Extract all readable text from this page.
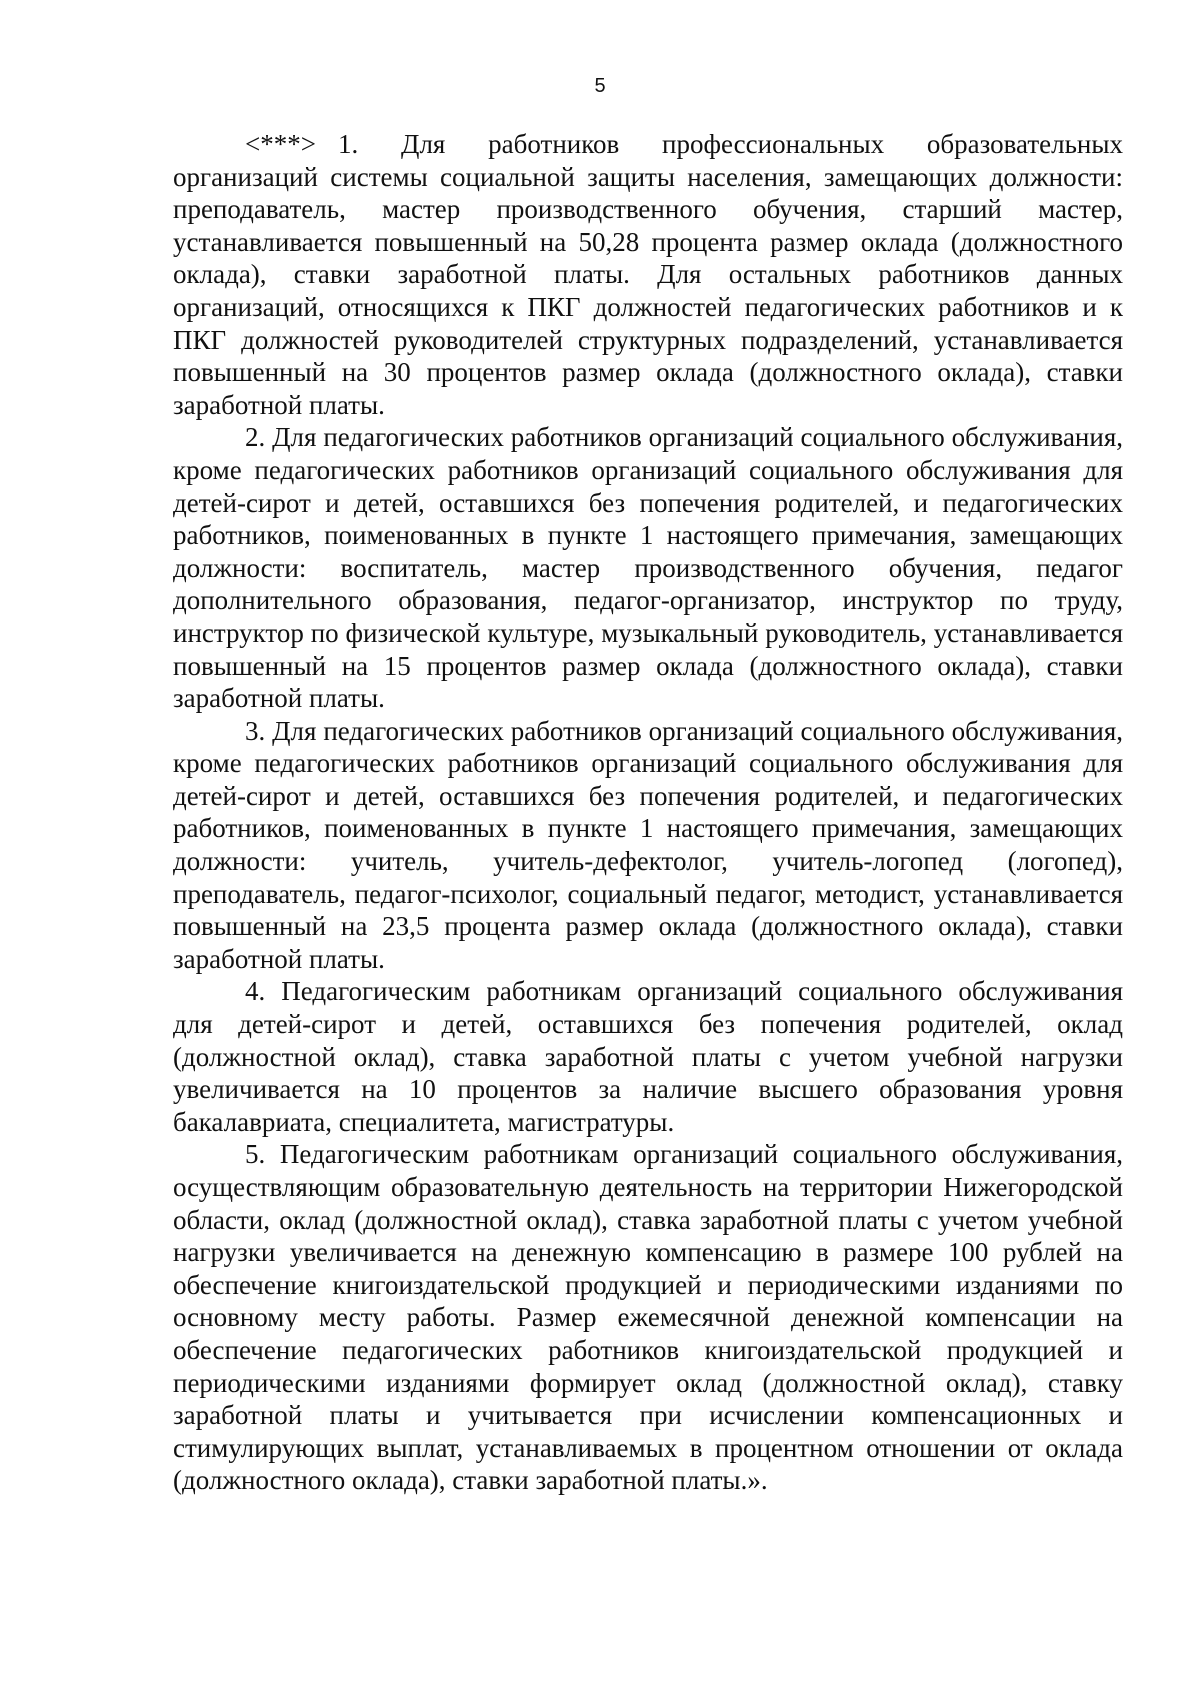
5

<***> 1. Для работников профессиональных образовательных организаций системы социальной защиты населения, замещающих должности: преподаватель, мастер производственного обучения, старший мастер, устанавливается повышенный на 50,28 процента размер оклада (должностного оклада), ставки заработной платы. Для остальных работников данных организаций, относящихся к ПКГ должностей педагогических работников и к ПКГ должностей руководителей структурных подразделений, устанавливается повышенный на 30 процентов размер оклада (должностного оклада), ставки заработной платы.

2. Для педагогических работников организаций социального обслуживания, кроме педагогических работников организаций социального обслуживания для детей-сирот и детей, оставшихся без попечения родителей, и педагогических работников, поименованных в пункте 1 настоящего примечания, замещающих должности: воспитатель, мастер производственного обучения, педагог дополнительного образования, педагог-организатор, инструктор по труду, инструктор по физической культуре, музыкальный руководитель, устанавливается повышенный на 15 процентов размер оклада (должностного оклада), ставки заработной платы.

3. Для педагогических работников организаций социального обслуживания, кроме педагогических работников организаций социального обслуживания для детей-сирот и детей, оставшихся без попечения родителей, и педагогических работников, поименованных в пункте 1 настоящего примечания, замещающих должности: учитель, учитель-дефектолог, учитель-логопед (логопед), преподаватель, педагог-психолог, социальный педагог, методист, устанавливается повышенный на 23,5 процента размер оклада (должностного оклада), ставки заработной платы.

4. Педагогическим работникам организаций социального обслуживания для детей-сирот и детей, оставшихся без попечения родителей, оклад (должностной оклад), ставка заработной платы с учетом учебной нагрузки увеличивается на 10 процентов за наличие высшего образования уровня бакалавриата, специалитета, магистратуры.

5. Педагогическим работникам организаций социального обслуживания, осуществляющим образовательную деятельность на территории Нижегородской области, оклад (должностной оклад), ставка заработной платы с учетом учебной нагрузки увеличивается на денежную компенсацию в размере 100 рублей на обеспечение книгоиздательской продукцией и периодическими изданиями по основному месту работы. Размер ежемесячной денежной компенсации на обеспечение педагогических работников книгоиздательской продукцией и периодическими изданиями формирует оклад (должностной оклад), ставку заработной платы и учитывается при исчислении компенсационных и стимулирующих выплат, устанавливаемых в процентном отношении от оклада (должностного оклада), ставки заработной платы.».
